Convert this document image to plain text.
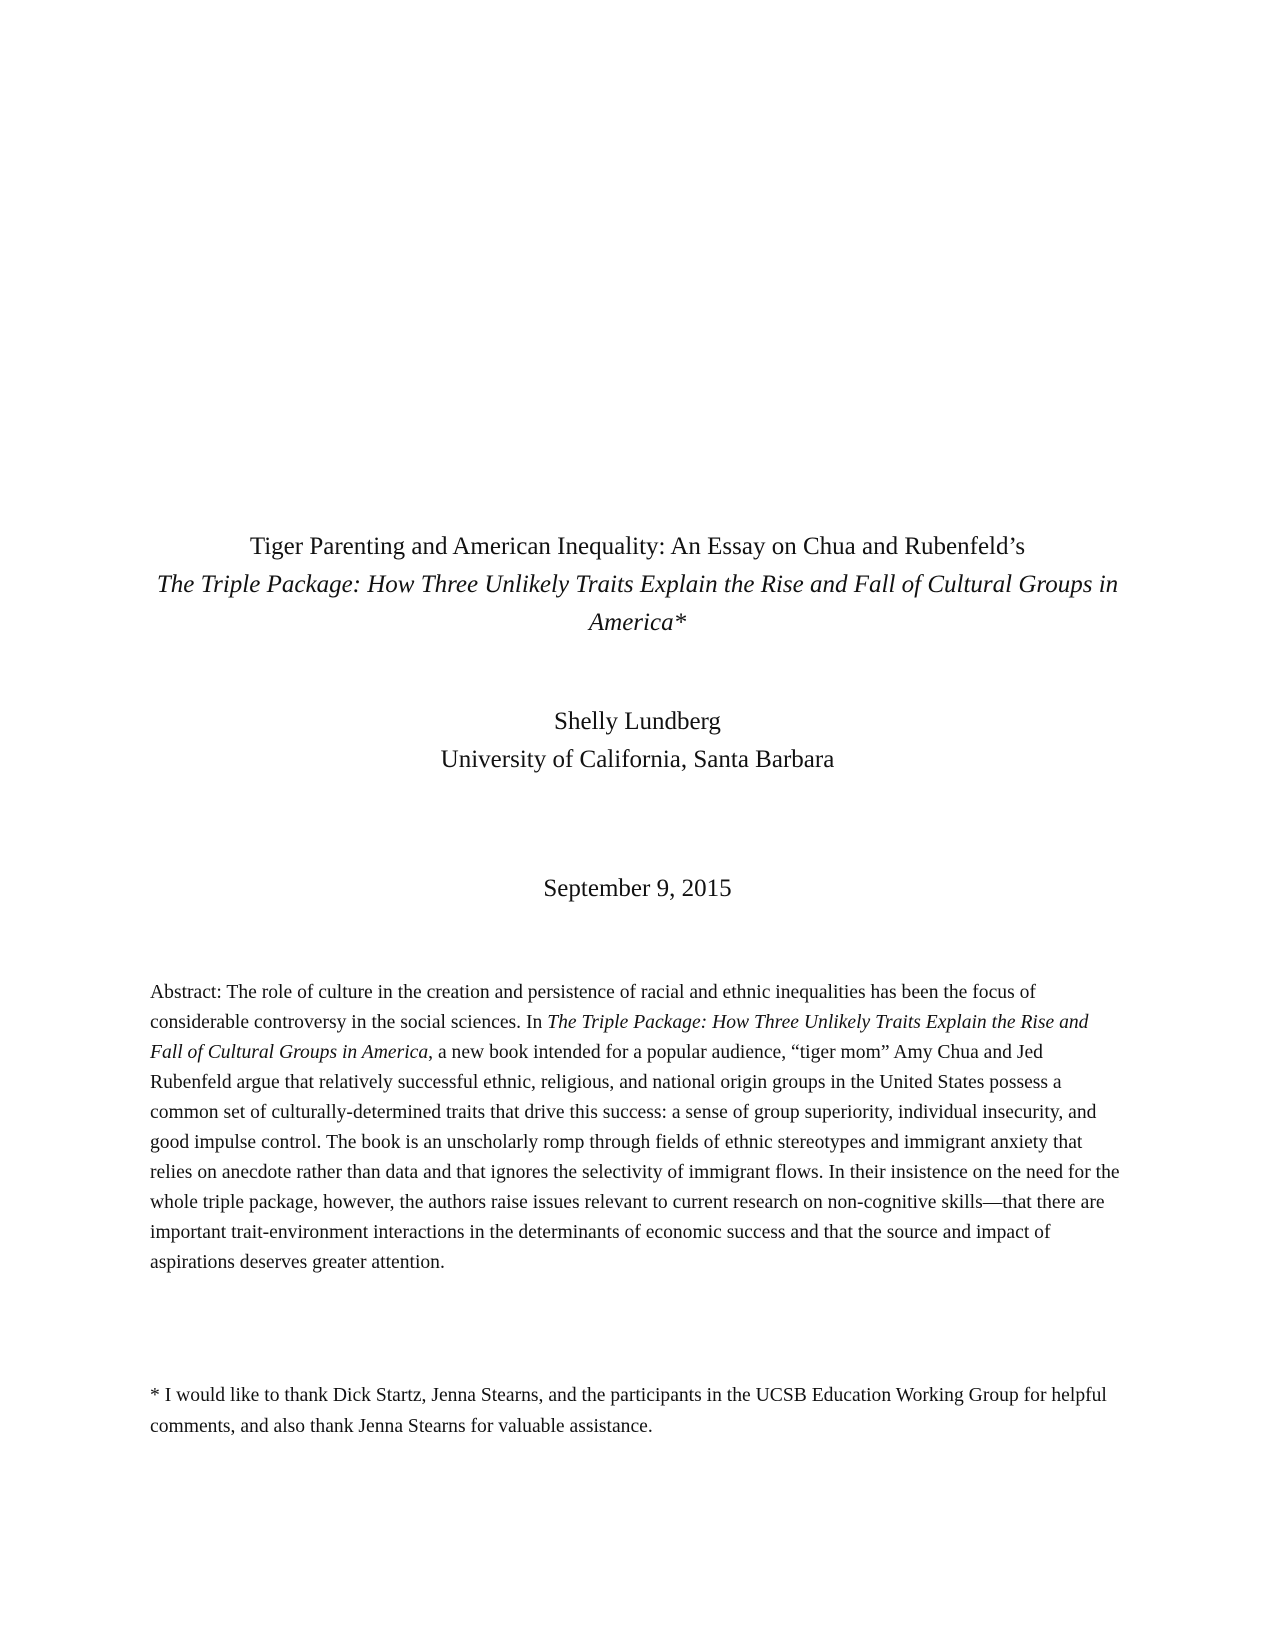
Tiger Parenting and American Inequality: An Essay on Chua and Rubenfeld’s
The Triple Package: How Three Unlikely Traits Explain the Rise and Fall of Cultural Groups in America*
Shelly Lundberg
University of California, Santa Barbara
September 9, 2015
Abstract: The role of culture in the creation and persistence of racial and ethnic inequalities has been the focus of considerable controversy in the social sciences. In The Triple Package: How Three Unlikely Traits Explain the Rise and Fall of Cultural Groups in America, a new book intended for a popular audience, “tiger mom” Amy Chua and Jed Rubenfeld argue that relatively successful ethnic, religious, and national origin groups in the United States possess a common set of culturally-determined traits that drive this success: a sense of group superiority, individual insecurity, and good impulse control. The book is an unscholarly romp through fields of ethnic stereotypes and immigrant anxiety that relies on anecdote rather than data and that ignores the selectivity of immigrant flows. In their insistence on the need for the whole triple package, however, the authors raise issues relevant to current research on non-cognitive skills—that there are important trait-environment interactions in the determinants of economic success and that the source and impact of aspirations deserves greater attention.
* I would like to thank Dick Startz, Jenna Stearns, and the participants in the UCSB Education Working Group for helpful comments, and also thank Jenna Stearns for valuable assistance.
